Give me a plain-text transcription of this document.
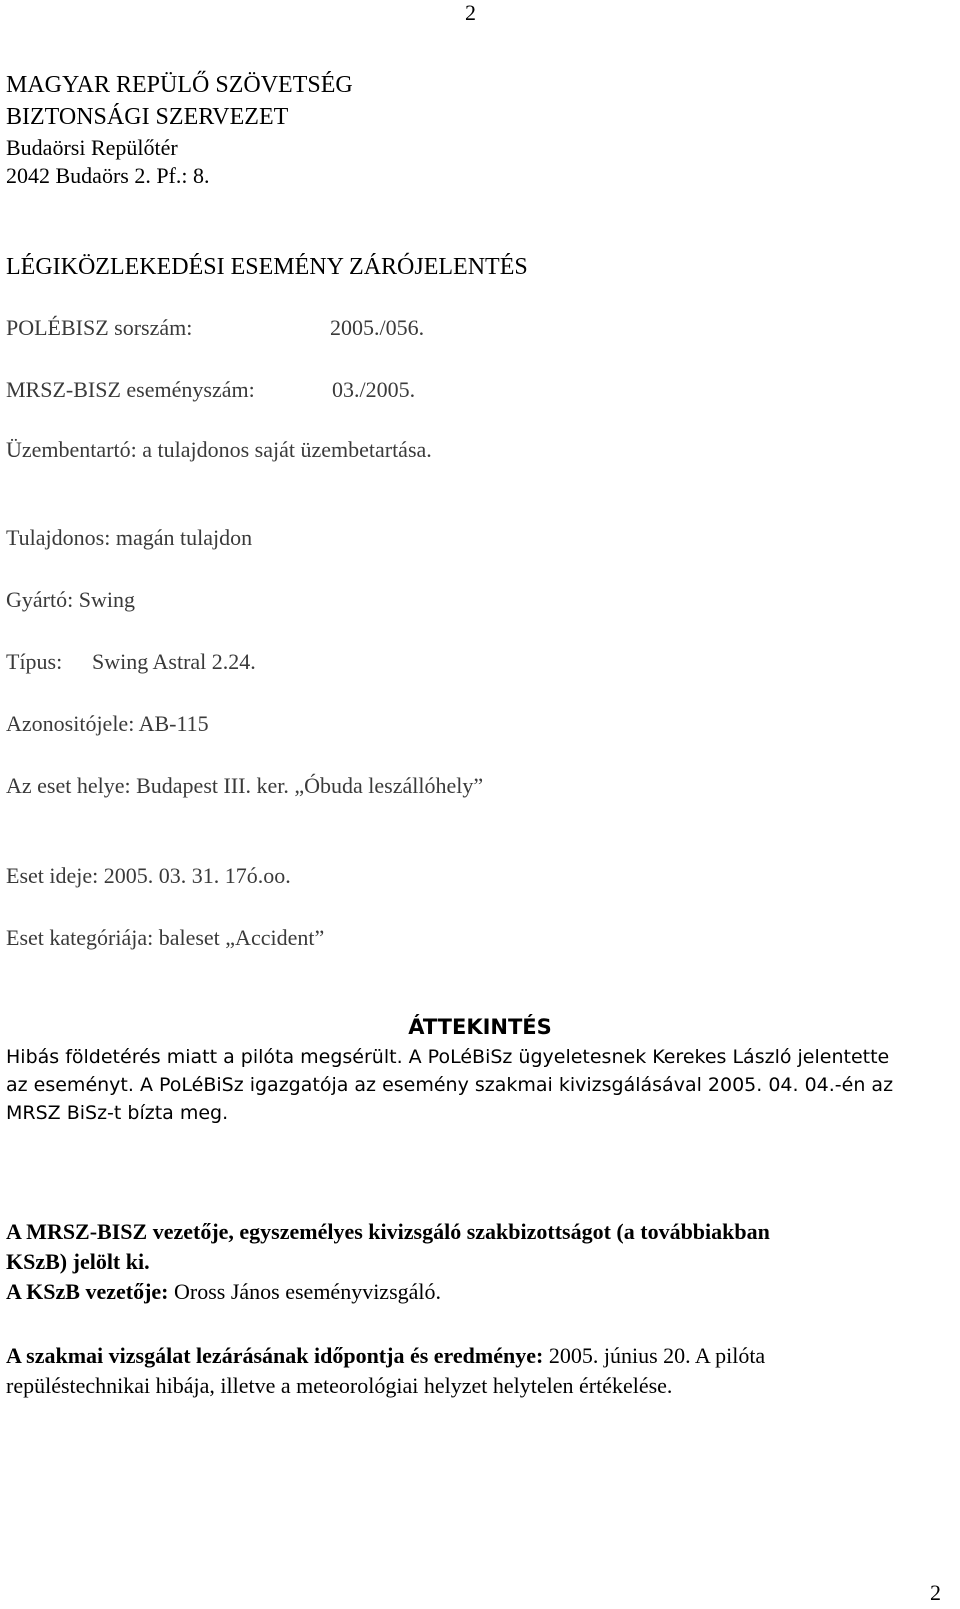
2
MAGYAR REPÜLŐ SZÖVETSÉG
BIZTONSÁGI SZERVEZET
Budaörsi Repülőtér
2042 Budaörs 2. Pf.: 8.
LÉGIKÖZLEKEDÉSI ESEMÉNY ZÁRÓJELENTÉS
POLÉBISZ sorszám:	2005./056.
MRSZ-BISZ eseményszám:	03./2005.
Üzembentartó: a tulajdonos saját üzembetartása.
Tulajdonos: magán tulajdon
Gyártó: Swing
Típus: Swing Astral 2.24.
Azonositójele: AB-115
Az eset helye: Budapest III. ker. „Óbuda leszállóhely”
Eset ideje: 2005. 03. 31. 17ó.oo.
Eset kategóriája: baleset „Accident”
ÁTTEKINTÉS
Hibás földetérés miatt a pilóta megsérült. A PoLéBiSz ügyeletesnek Kerekes László jelentette
az eseményt. A PoLéBiSz igazgatója az esemény szakmai kivizsgálásával 2005. 04. 04.-én az
MRSZ BiSz-t bízta meg.
A MRSZ-BISZ vezetője, egyszemélyes kivizsgáló szakbizottságot (a továbbiakban
KSzB) jelölt ki.
A KSzB vezetője: Oross János eseményvizsgáló.
A szakmai vizsgálat lezárásának időpontja és eredménye: 2005. június 20. A pilóta
repüléstechnikai hibája, illetve a meteorológiai helyzet helytelen értékelése.
2
